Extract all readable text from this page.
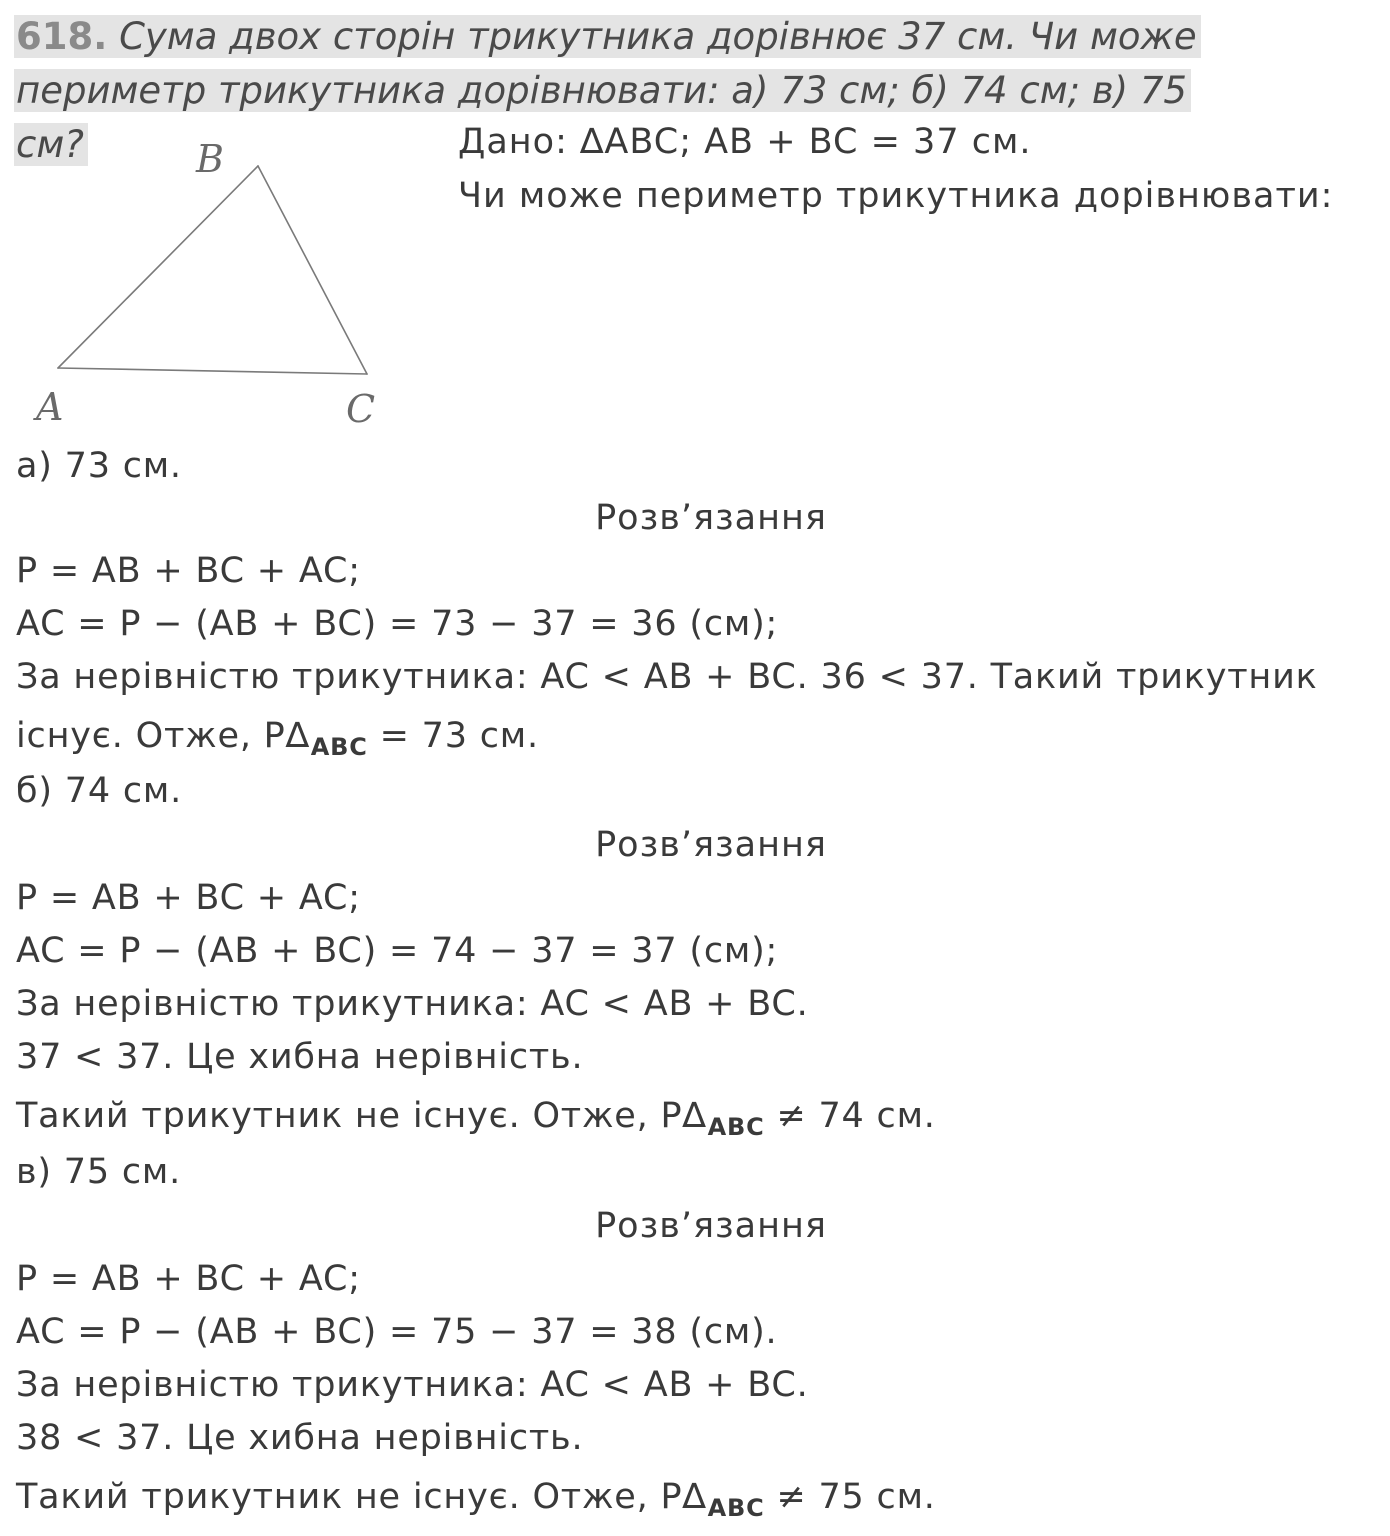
618. Сума двох сторін трикутника дорівнює 37 см. Чи може периметр трикутника дорівнювати: а) 73 см; б) 74 см; в) 75 см?	B
A	C
Дано: ∆ABC; AB + BC = 37 см.
Чи може периметр трикутника дорівнювати:
а) 73 см.
Розв’язання
P = AB + BC + AC;
AC = P − (AB + BC) = 73 − 37 = 36 (см);
За нерівністю трикутника: AC < AB + BC. 36 < 37. Такий трикутник
існує. Отже, $P\Delta_{ABC} = 73$ см.
б) 74 см.
Розв’язання
P = AB + BC + AC;
AC = P − (AB + BC) = 74 − 37 = 37 (см);
За нерівністю трикутника: AC < AB + BC.
37 < 37. Це хибна нерівність.
Такий трикутник не існує. Отже, $P\Delta_{ABC} \ne 74$ см.
в) 75 см.
Розв’язання
P = AB + BC + AC;
AC = P − (AB + BC) = 75 − 37 = 38 (см).
За нерівністю трикутника: AC < AB + BC.
38 < 37. Це хибна нерівність.
Такий трикутник не існує. Отже, $P\Delta_{ABC} \ne 75$ см.
